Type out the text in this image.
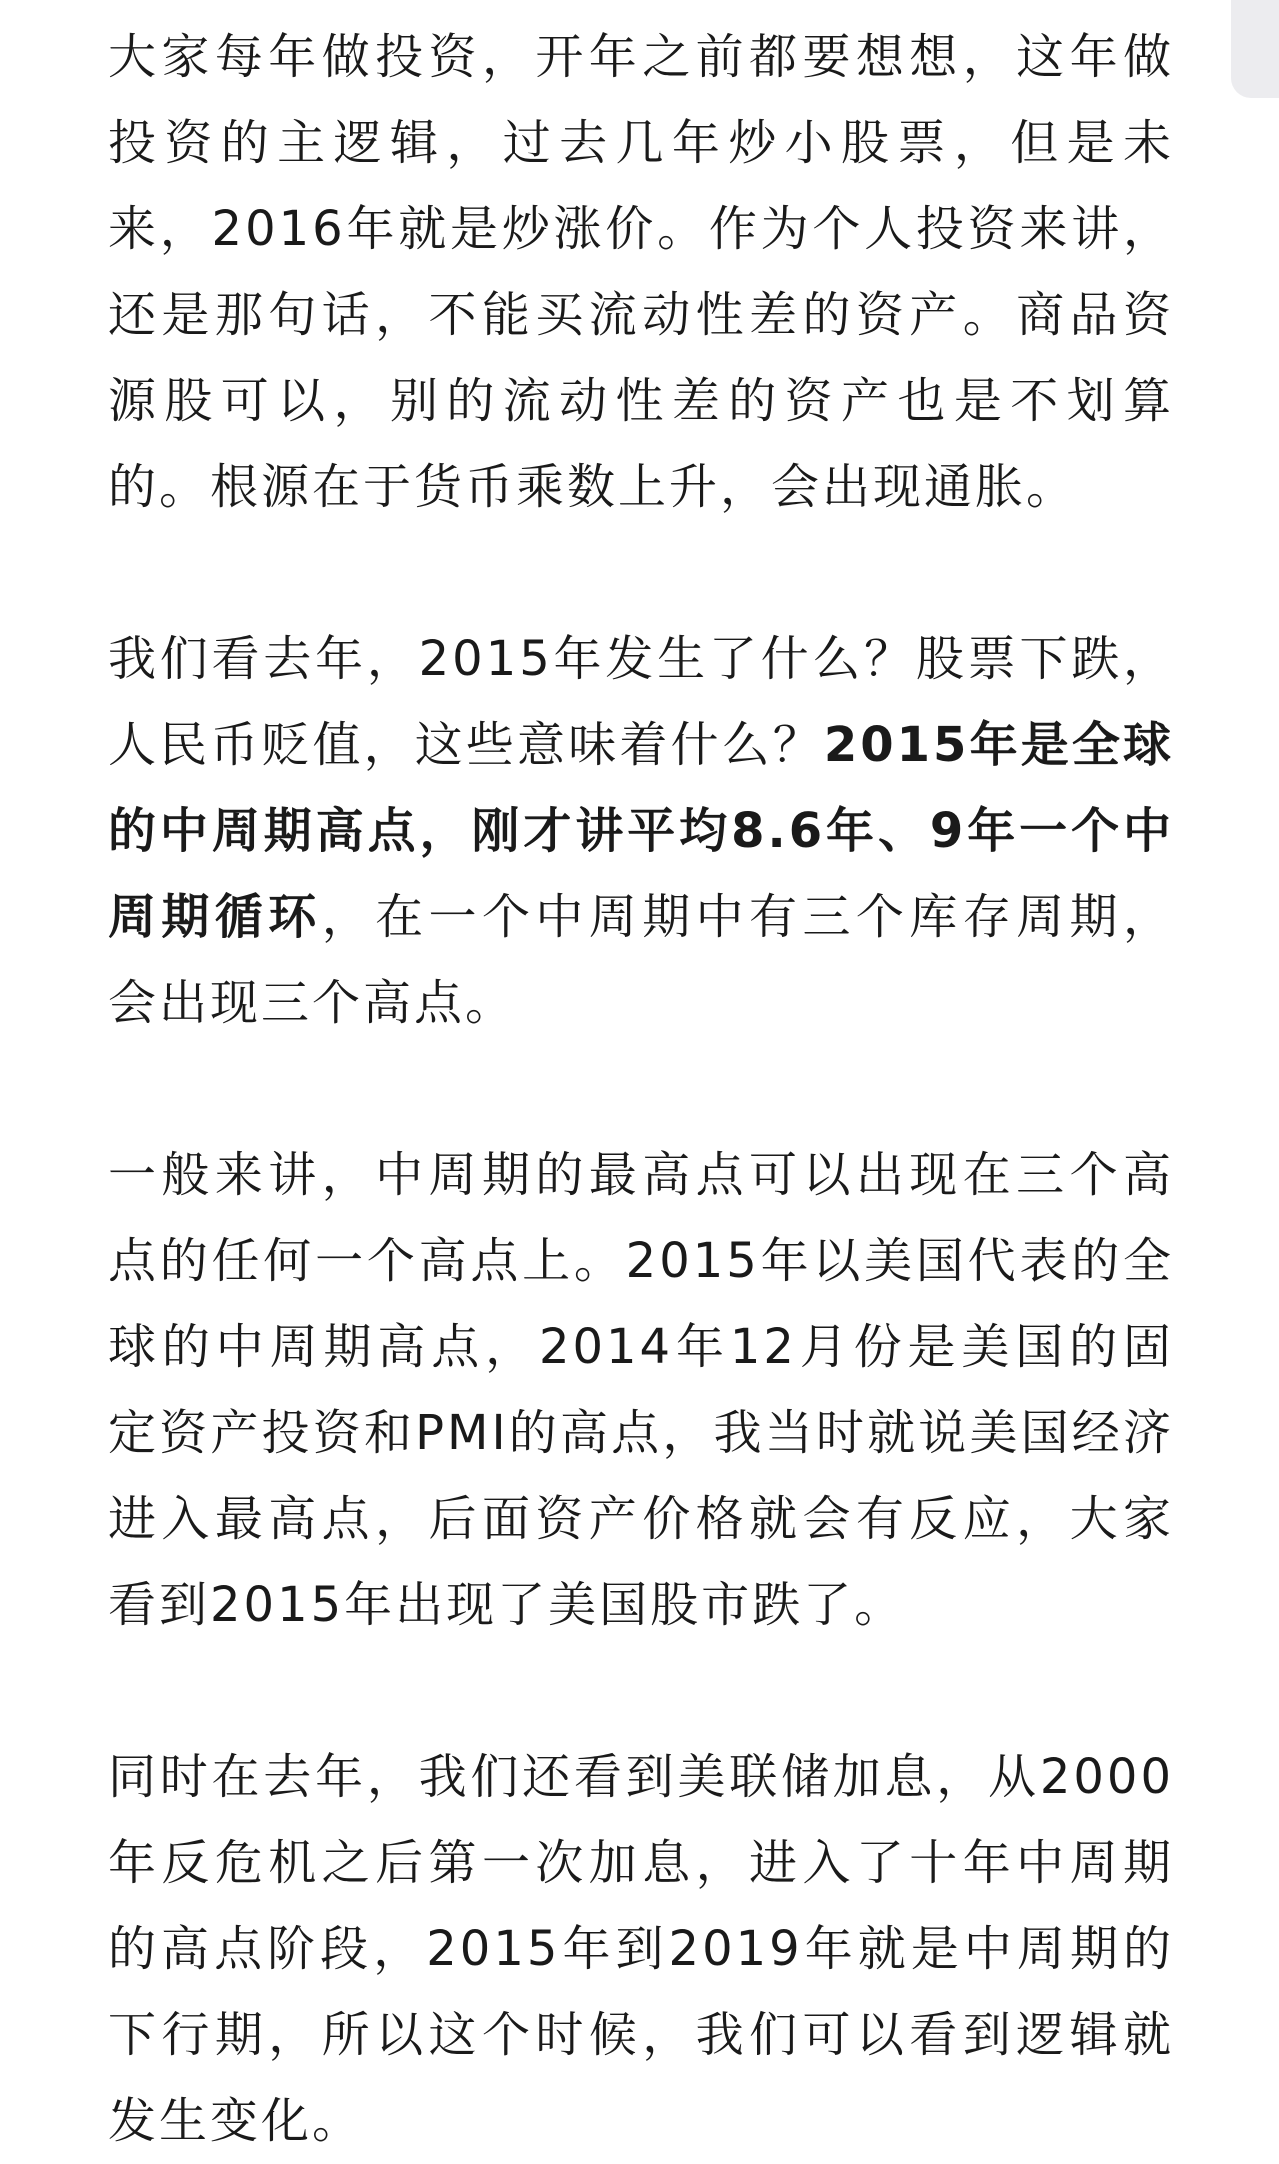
大家每年做投资，开年之前都要想想，这年做投资的主逻辑，过去几年炒小股票，但是未来，2016年就是炒涨价。作为个人投资来讲，还是那句话，不能买流动性差的资产。商品资源股可以，别的流动性差的资产也是不划算的。根源在于货币乘数上升，会出现通胀。

我们看去年，2015年发生了什么？股票下跌，人民币贬值，这些意味着什么？2015年是全球的中周期高点，刚才讲平均8.6年、9年一个中周期循环，在一个中周期中有三个库存周期，会出现三个高点。

一般来讲，中周期的最高点可以出现在三个高点的任何一个高点上。2015年以美国代表的全球的中周期高点，2014年12月份是美国的固定资产投资和PMI的高点，我当时就说美国经济进入最高点，后面资产价格就会有反应，大家看到2015年出现了美国股市跌了。

同时在去年，我们还看到美联储加息，从2000年反危机之后第一次加息，进入了十年中周期的高点阶段，2015年到2019年就是中周期的下行期，所以这个时候，我们可以看到逻辑就发生变化。
